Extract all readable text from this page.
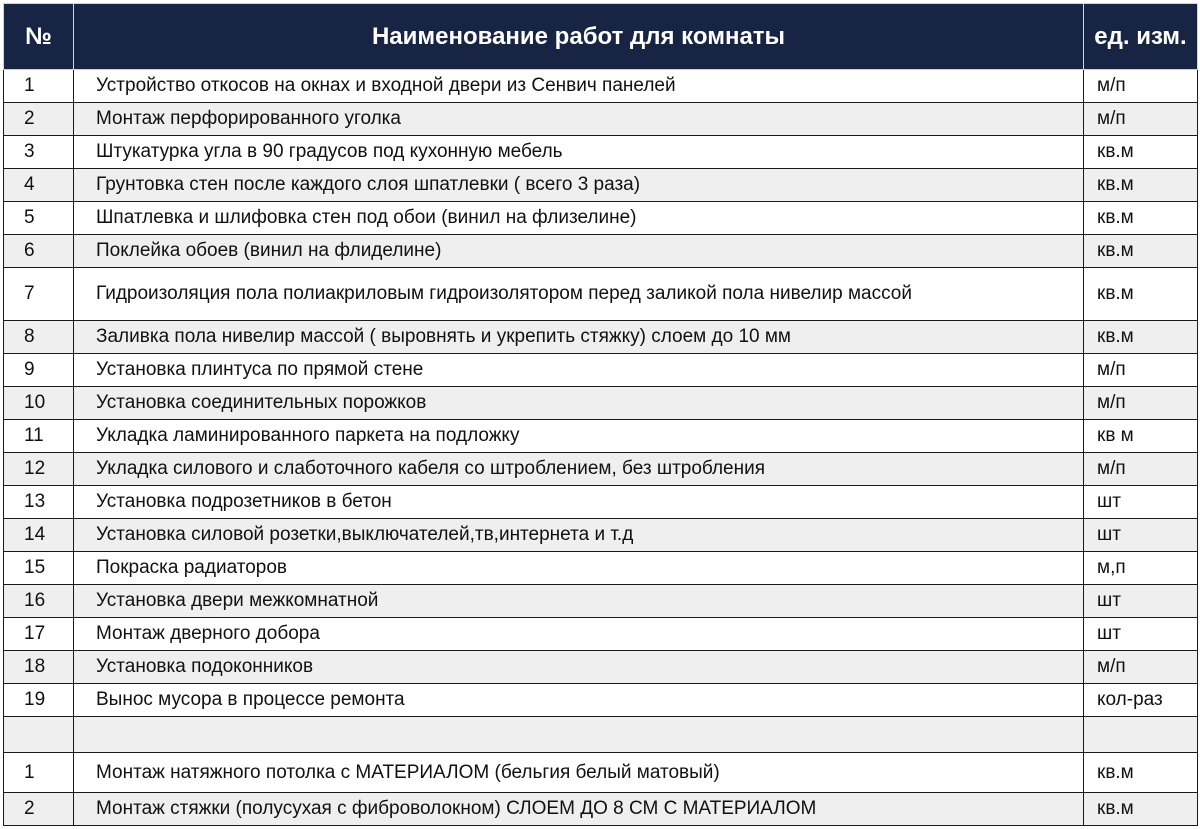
№	Наименование работ для комнаты	ед. изм.
1	Устройство откосов на окнах и входной двери из Сенвич панелей	м/п
2	Монтаж перфорированного уголка	м/п
3	Штукатурка угла в 90 градусов под кухонную мебель	кв.м
4	Грунтовка стен после каждого слоя шпатлевки ( всего 3 раза)	кв.м
5	Шпатлевка и шлифовка стен под обои (винил на флизелине)	кв.м
6	Поклейка обоев (винил на флиделине)	кв.м
7	Гидроизоляция пола полиакриловым гидроизолятором перед заликой пола нивелир массой	кв.м
8	Заливка пола нивелир массой ( выровнять и укрепить стяжку) слоем до 10 мм	кв.м
9	Установка плинтуса по прямой стене	м/п
10	Установка соединительных порожков	м/п
11	Укладка ламинированного паркета на подложку	кв м
12	Укладка силового и слаботочного кабеля со штроблением, без штробления	м/п
13	Установка подрозетников в бетон	шт
14	Установка силовой розетки,выключателей,тв,интернета и т.д	шт
15	Покраска радиаторов	м,п
16	Установка двери межкомнатной	шт
17	Монтаж дверного добора	шт
18	Установка подоконников	м/п
19	Вынос мусора в процессе ремонта	кол-раз

1	Монтаж натяжного потолка с МАТЕРИАЛОМ (бельгия белый матовый)	кв.м
2	Монтаж стяжки (полусухая с фиброволокном) СЛОЕМ ДО 8 СМ С МАТЕРИАЛОМ	кв.м
